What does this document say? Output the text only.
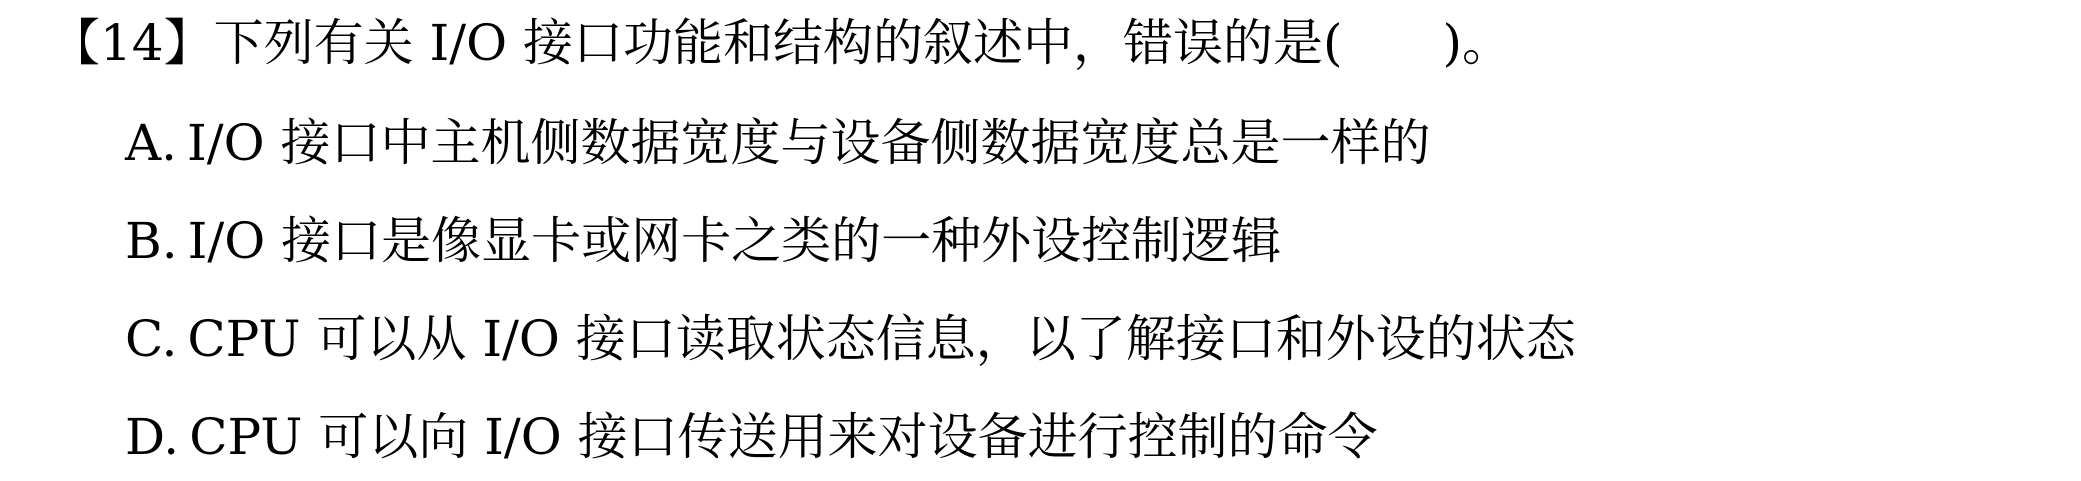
【14】下列有关 I/O 接口功能和结构的叙述中，错误的是(　　)。
A. I/O 接口中主机侧数据宽度与设备侧数据宽度总是一样的
B. I/O 接口是像显卡或网卡之类的一种外设控制逻辑
C. CPU 可以从 I/O 接口读取状态信息，以了解接口和外设的状态
D. CPU 可以向 I/O 接口传送用来对设备进行控制的命令
